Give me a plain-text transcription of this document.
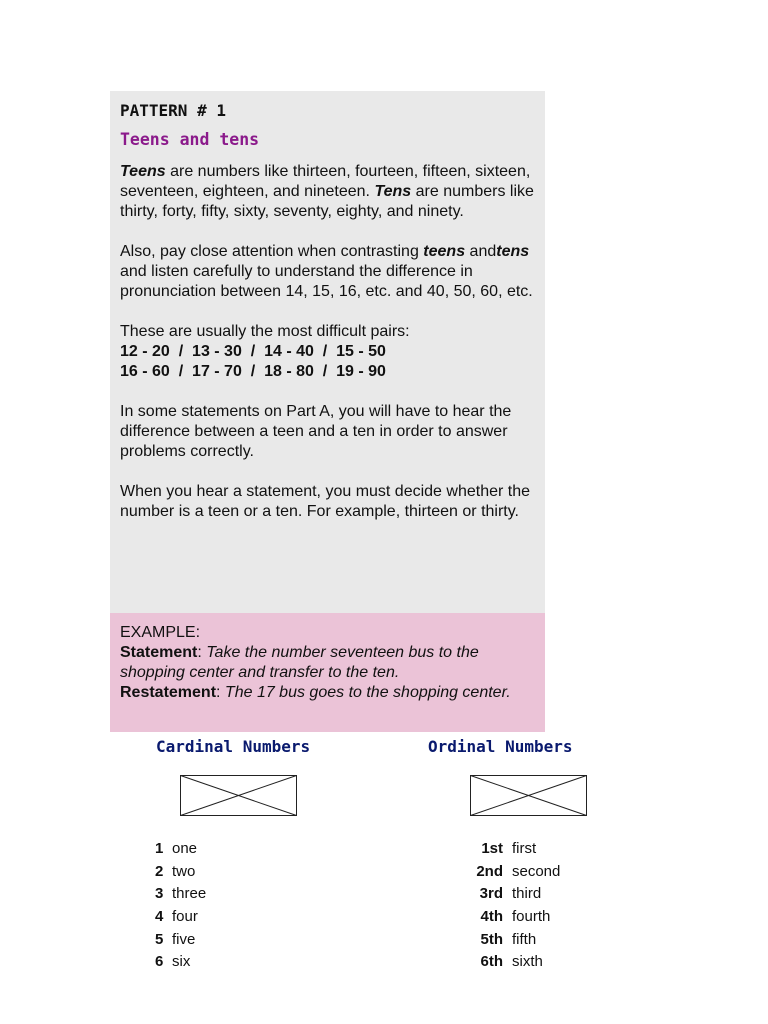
PATTERN # 1
Teens and tens

Teens are numbers like thirteen, fourteen, fifteen, sixteen, seventeen, eighteen, and nineteen. Tens are numbers like thirty, forty, fifty, sixty, seventy, eighty, and ninety.

Also, pay close attention when contrasting teens andtens and listen carefully to understand the difference in pronunciation between 14, 15, 16, etc. and 40, 50, 60, etc.

These are usually the most difficult pairs:

12 - 20  /  13 - 30  /  14 - 40  /  15 - 50

16 - 60  /  17 - 70  /  18 - 80  /  19 - 90

In some statements on Part A, you will have to hear the difference between a teen and a ten in order to answer problems correctly.

When you hear a statement, you must decide whether the number is a teen or a ten. For example, thirteen or thirty.

EXAMPLE:

Statement: Take the number seventeen bus to the shopping center and transfer to the ten.

Restatement: The 17 bus goes to the shopping center.

Cardinal Numbers	Ordinal Numbers
1 one
2 two
3 three
4 four
5 five
6 six
1st first
2nd second
3rd third
4th fourth
5th fifth
6th sixth
